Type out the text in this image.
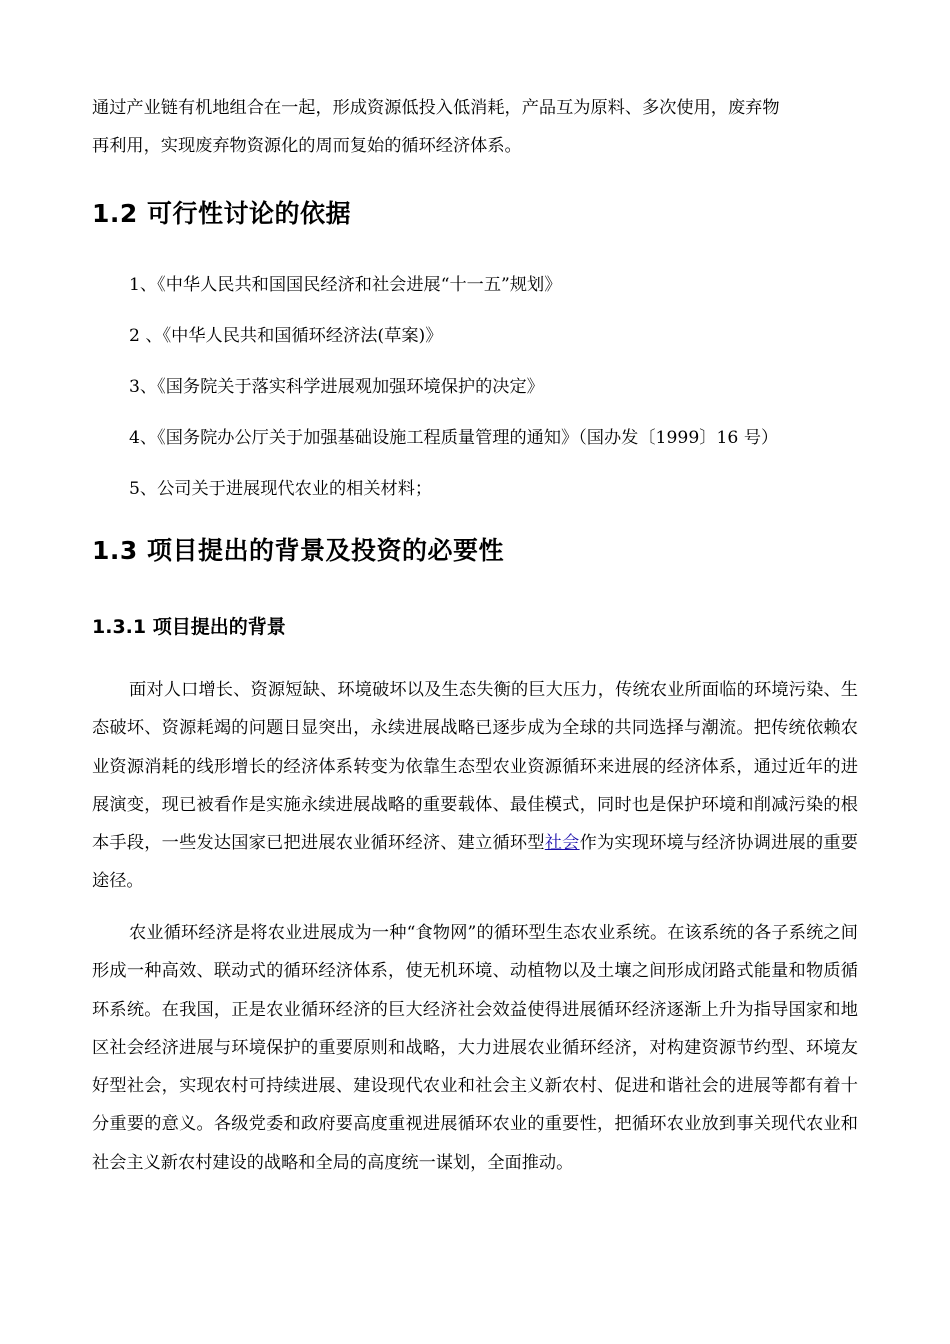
通过产业链有机地组合在一起，形成资源低投入低消耗，产品互为原料、多次使用，废弃物
再利用，实现废弃物资源化的周而复始的循环经济体系。

1.2 可行性讨论的依据

1、《中华人民共和国国民经济和社会进展“十一五”规划》

2 、《中华人民共和国循环经济法(草案)》

3、《国务院关于落实科学进展观加强环境保护的决定》

4、《国务院办公厅关于加强基础设施工程质量管理的通知》（国办发〔1999〕16 号）

5、公司关于进展现代农业的相关材料；

1.3 项目提出的背景及投资的必要性
1.3.1 项目提出的背景

面对人口增长、资源短缺、环境破坏以及生态失衡的巨大压力，传统农业所面临的环境污染、生态破坏、资源耗竭的问题日显突出，永续进展战略已逐步成为全球的共同选择与潮流。把传统依赖农业资源消耗的线形增长的经济体系转变为依靠生态型农业资源循环来进展的经济体系，通过近年的进展演变，现已被看作是实施永续进展战略的重要载体、最佳模式，同时也是保护环境和削减污染的根本手段，一些发达国家已把进展农业循环经济、建立循环型社会作为实现环境与经济协调进展的重要途径。

农业循环经济是将农业进展成为一种“食物网”的循环型生态农业系统。在该系统的各子系统之间形成一种高效、联动式的循环经济体系，使无机环境、动植物以及土壤之间形成闭路式能量和物质循环系统。在我国，正是农业循环经济的巨大经济社会效益使得进展循环经济逐渐上升为指导国家和地区社会经济进展与环境保护的重要原则和战略，大力进展农业循环经济，对构建资源节约型、环境友好型社会，实现农村可持续进展、建设现代农业和社会主义新农村、促进和谐社会的进展等都有着十分重要的意义。各级党委和政府要高度重视进展循环农业的重要性，把循环农业放到事关现代农业和社会主义新农村建设的战略和全局的高度统一谋划，全面推动。
